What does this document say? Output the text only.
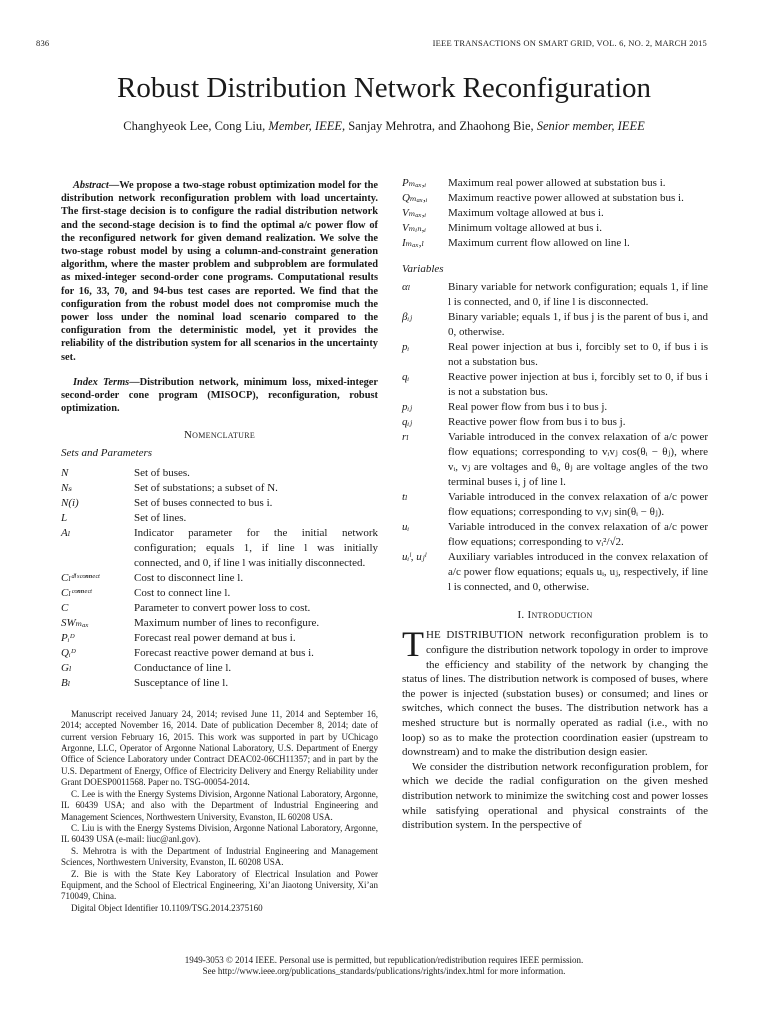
836	IEEE TRANSACTIONS ON SMART GRID, VOL. 6, NO. 2, MARCH 2015
Robust Distribution Network Reconfiguration
Changhyeok Lee, Cong Liu, Member, IEEE, Sanjay Mehrotra, and Zhaohong Bie, Senior member, IEEE
Abstract—We propose a two-stage robust optimization model for the distribution network reconfiguration problem with load uncertainty. The first-stage decision is to configure the radial distribution network and the second-stage decision is to find the optimal a/c power flow of the reconfigured network for given demand realization. We solve the two-stage robust model by using a column-and-constraint generation algorithm, where the master problem and subproblem are formulated as mixed-integer second-order cone programs. Computational results for 16, 33, 70, and 94-bus test cases are reported. We find that the configuration from the robust model does not compromise much the power loss under the nominal load scenario compared to the configuration from the deterministic model, yet it provides the reliability of the distribution system for all scenarios in the uncertainty set.
Index Terms—Distribution network, minimum loss, mixed-integer second-order cone program (MISOCP), reconfiguration, robust optimization.
Nomenclature
Sets and Parameters
N	Set of buses.
Nₛ	Set of substations; a subset of N.
N(i)	Set of buses connected to bus i.
L	Set of lines.
Aₗ	Indicator parameter for the initial network configuration; equals 1, if line l was initially connected, and 0, if line l was initially disconnected.
Cₗᵈⁱˢᶜᵒⁿⁿᵉᶜᵗ	Cost to disconnect line l.
Cₗᶜᵒⁿⁿᵉᶜᵗ	Cost to connect line l.
C	Parameter to convert power loss to cost.
SWₘₐₓ	Maximum number of lines to reconfigure.
Pᵢᴰ	Forecast real power demand at bus i.
Qᵢᴰ	Forecast reactive power demand at bus i.
Gₗ	Conductance of line l.
Bₗ	Susceptance of line l.

Manuscript received January 24, 2014; revised June 11, 2014 and September 16, 2014; accepted November 16, 2014. Date of publication December 8, 2014; date of current version February 16, 2015. This work was supported in part by UChicago Argonne, LLC, Operator of Argonne National Laboratory, U.S. Department of Energy Office of Science Laboratory under Contract DEAC02-06CH11357; and in part by the U.S. Department of Energy, Office of Electricity Delivery and Energy Reliability under Grant DOESP0011568. Paper no. TSG-00054-2014.

C. Lee is with the Energy Systems Division, Argonne National Laboratory, Argonne, IL 60439 USA; and also with the Department of Industrial Engineering and Management Sciences, Northwestern University, Evanston, IL 60208 USA.

C. Liu is with the Energy Systems Division, Argonne National Laboratory, Argonne, IL 60439 USA (e-mail: liuc@anl.gov).

S. Mehrotra is with the Department of Industrial Engineering and Management Sciences, Northwestern University, Evanston, IL 60208 USA.

Z. Bie is with the State Key Laboratory of Electrical Insulation and Power Equipment, and the School of Electrical Engineering, Xi’an Jiaotong University, Xi’an 710049, China.

Digital Object Identifier 10.1109/TSG.2014.2375160

Pₘₐₓ,ᵢ	Maximum real power allowed at substation bus i.
Qₘₐₓ,ᵢ	Maximum reactive power allowed at substation bus i.
Vₘₐₓ,ᵢ	Maximum voltage allowed at bus i.
Vₘᵢₙ,ᵢ	Minimum voltage allowed at bus i.
Iₘₐₓ,ₗ	Maximum current flow allowed on line l.
Variables
αₗ	Binary variable for network configuration; equals 1, if line l is connected, and 0, if line l is disconnected.
βᵢⱼ	Binary variable; equals 1, if bus j is the parent of bus i, and 0, otherwise.
pᵢ	Real power injection at bus i, forcibly set to 0, if bus i is not a substation bus.
qᵢ	Reactive power injection at bus i, forcibly set to 0, if bus i is not a substation bus.
pᵢⱼ	Real power flow from bus i to bus j.
qᵢⱼ	Reactive power flow from bus i to bus j.
rₗ	Variable introduced in the convex relaxation of a/c power flow equations; corresponding to vᵢvⱼ cos(θᵢ − θⱼ), where vᵢ, vⱼ are voltages and θᵢ, θⱼ are voltage angles of the two terminal buses i, j of line l.
tₗ	Variable introduced in the convex relaxation of a/c power flow equations; corresponding to vᵢvⱼ sin(θᵢ − θⱼ).
uᵢ	Variable introduced in the convex relaxation of a/c power flow equations; corresponding to vᵢ²/√2.
uᵢˡ, uⱼˡ	Auxiliary variables introduced in the convex relaxation of a/c power flow equations; equals uᵢ, uⱼ, respectively, if line l is connected, and 0, otherwise.
I. Introduction

THE DISTRIBUTION network reconfiguration problem is to configure the distribution network topology in order to improve the efficiency and stability of the network by changing the status of lines. The distribution network is composed of buses, where the power is injected (substation buses) or consumed; and lines or switches, which connect the buses. The distribution network has a meshed structure but is normally operated as radial (i.e., with no loop) so as to make the protection coordination easier (upstream to downstream) and to make the distribution design easier.

We consider the distribution network reconfiguration problem, for which we decide the radial configuration on the given meshed distribution network to minimize the switching cost and power losses while satisfying operational and physical constraints of the distribution system. In the perspective of

1949-3053 © 2014 IEEE. Personal use is permitted, but republication/redistribution requires IEEE permission.
See http://www.ieee.org/publications_standards/publications/rights/index.html for more information.
